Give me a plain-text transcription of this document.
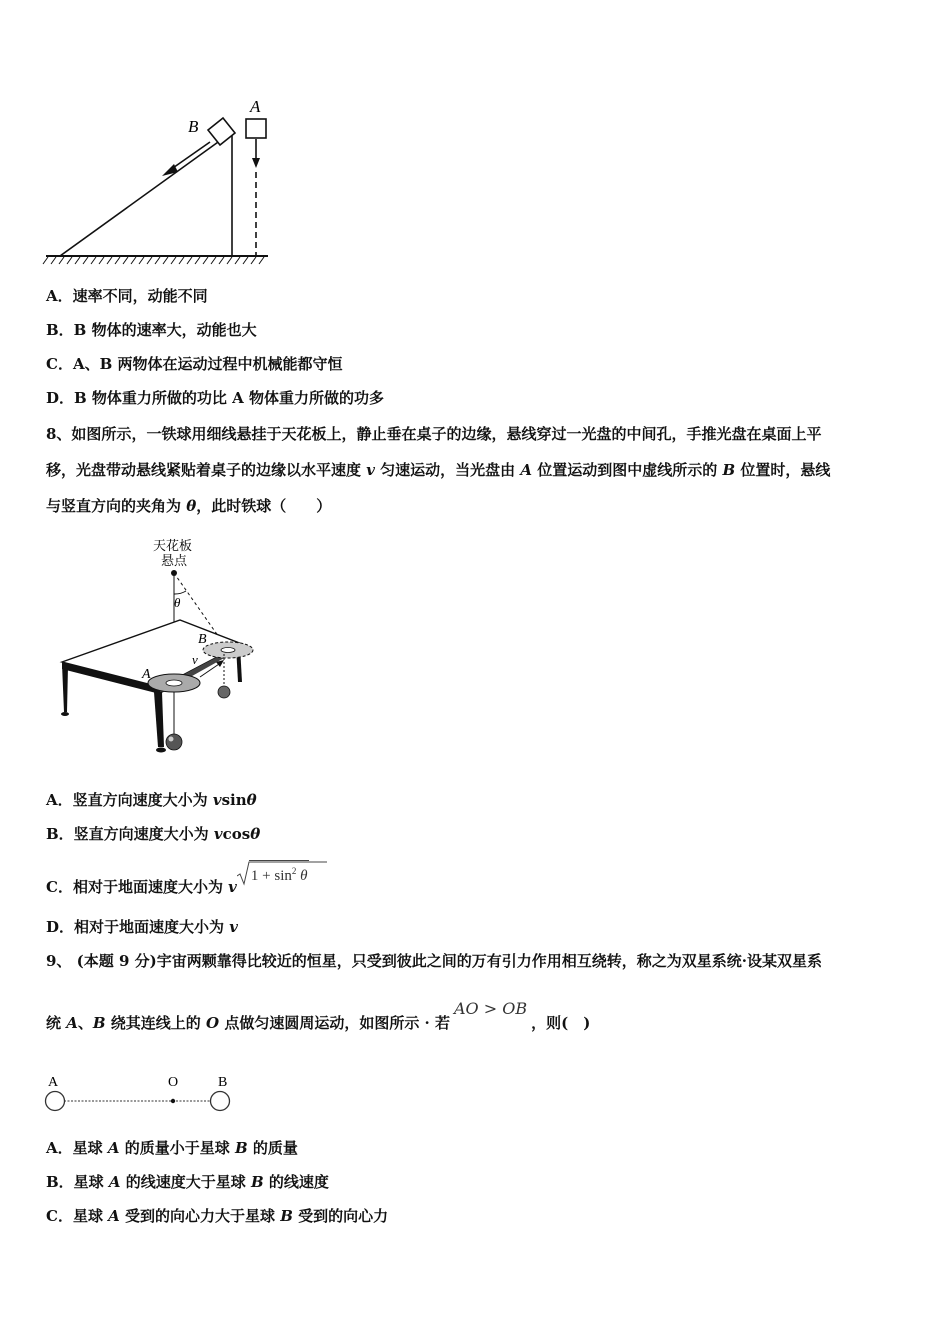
B
A
A．速率不同，动能不同
B．B 物体的速率大，动能也大
C．A、B 两物体在运动过程中机械能都守恒
D．B 物体重力所做的功比 A 物体重力所做的功多
8、如图所示，一铁球用细线悬挂于天花板上，静止垂在桌子的边缘，悬线穿过一光盘的中间孔，手推光盘在桌面上平
移，光盘带动悬线紧贴着桌子的边缘以水平速度 v 匀速运动，当光盘由 A 位置运动到图中虚线所示的 B 位置时，悬线
与竖直方向的夹角为 θ，此时铁球（　　）
天花板
悬点
θ
A
B
v
A．竖直方向速度大小为 vsinθ
B．竖直方向速度大小为 vcosθ
C．相对于地面速度大小为 v
$1 + \sin^2 \theta$
D．相对于地面速度大小为 v
9、 (本题 9 分)宇宙两颗靠得比较近的恒星，只受到彼此之间的万有引力作用相互绕转，称之为双星系统·设某双星系
统 A、B 绕其连线上的 O 点做匀速圆周运动，如图所示 · 若AO > OB，则(　)
A	O	B
A．星球 A 的质量小于星球 B 的质量
B．星球 A 的线速度大于星球 B 的线速度
C．星球 A 受到的向心力大于星球 B 受到的向心力
